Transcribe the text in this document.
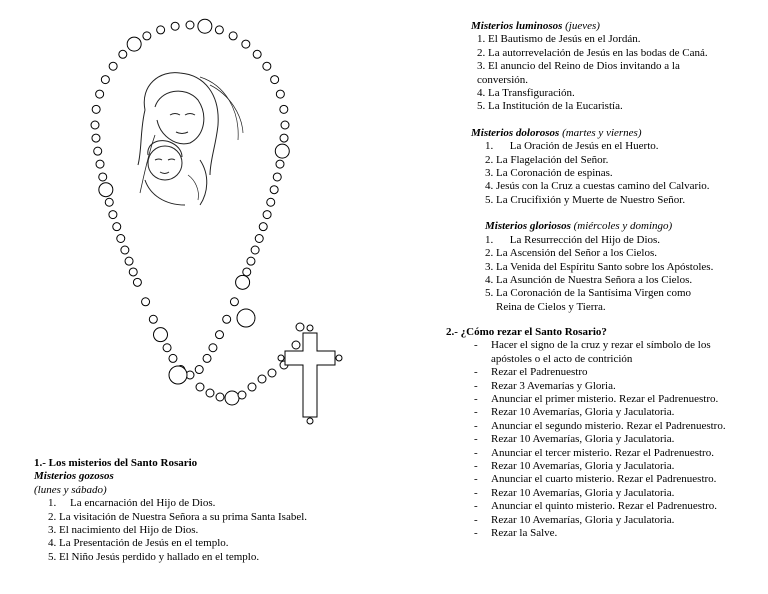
1.- Los misterios del Santo Rosario
Misterios gozosos
(lunes y sábado)
1.  La encarnación del Hijo de Dios.
2. La visitación de Nuestra Señora a su prima Santa Isabel.
3. El nacimiento del Hijo de Dios.
4. La Presentación de Jesús en el templo.
5. El Niño Jesús perdido y hallado en el templo.
Misterios luminosos (jueves)
1. El Bautismo de Jesús en el Jordán.
2. La autorrevelación de Jesús en las bodas de Caná.
3. El anuncio del Reino de Dios invitando a la
conversión.
4. La Transfiguración.
5. La Institución de la Eucaristía.
Misterios dolorosos (martes y viernes)
1.   La Oración de Jesús en el Huerto.
2. La Flagelación del Señor.
3. La Coronación de espinas.
4. Jesús con la Cruz a cuestas camino del Calvario.
5. La Crucifixión y Muerte de Nuestro Señor.
Misterios gloriosos (miércoles y domingo)
1.   La Resurrección del Hijo de Dios.
2. La Ascensión del Señor a los Cielos.
3. La Venida del Espíritu Santo sobre los Apóstoles.
4. La Asunción de Nuestra Señora a los Cielos.
5. La Coronación de la Santísima Virgen como
Reina de Cielos y Tierra.
2.- ¿Cómo rezar el Santo Rosario?
- Hacer el signo de la cruz y rezar el símbolo de los
apóstoles o el acto de contrición
- Rezar el Padrenuestro
- Rezar 3 Avemarías y Gloria.
- Anunciar el primer misterio. Rezar el Padrenuestro.
- Rezar 10 Avemarías, Gloria y Jaculatoria.
- Anunciar el segundo misterio. Rezar el Padrenuestro.
- Rezar 10 Avemarías, Gloria y Jaculatoria.
- Anunciar el tercer misterio. Rezar el Padrenuestro.
- Rezar 10 Avemarías, Gloria y Jaculatoria.
- Anunciar el cuarto misterio. Rezar el Padrenuestro.
- Rezar 10 Avemarías, Gloria y Jaculatoria.
- Anunciar el quinto misterio. Rezar el Padrenuestro.
- Rezar 10 Avemarías, Gloria y Jaculatoria.
- Rezar la Salve.
